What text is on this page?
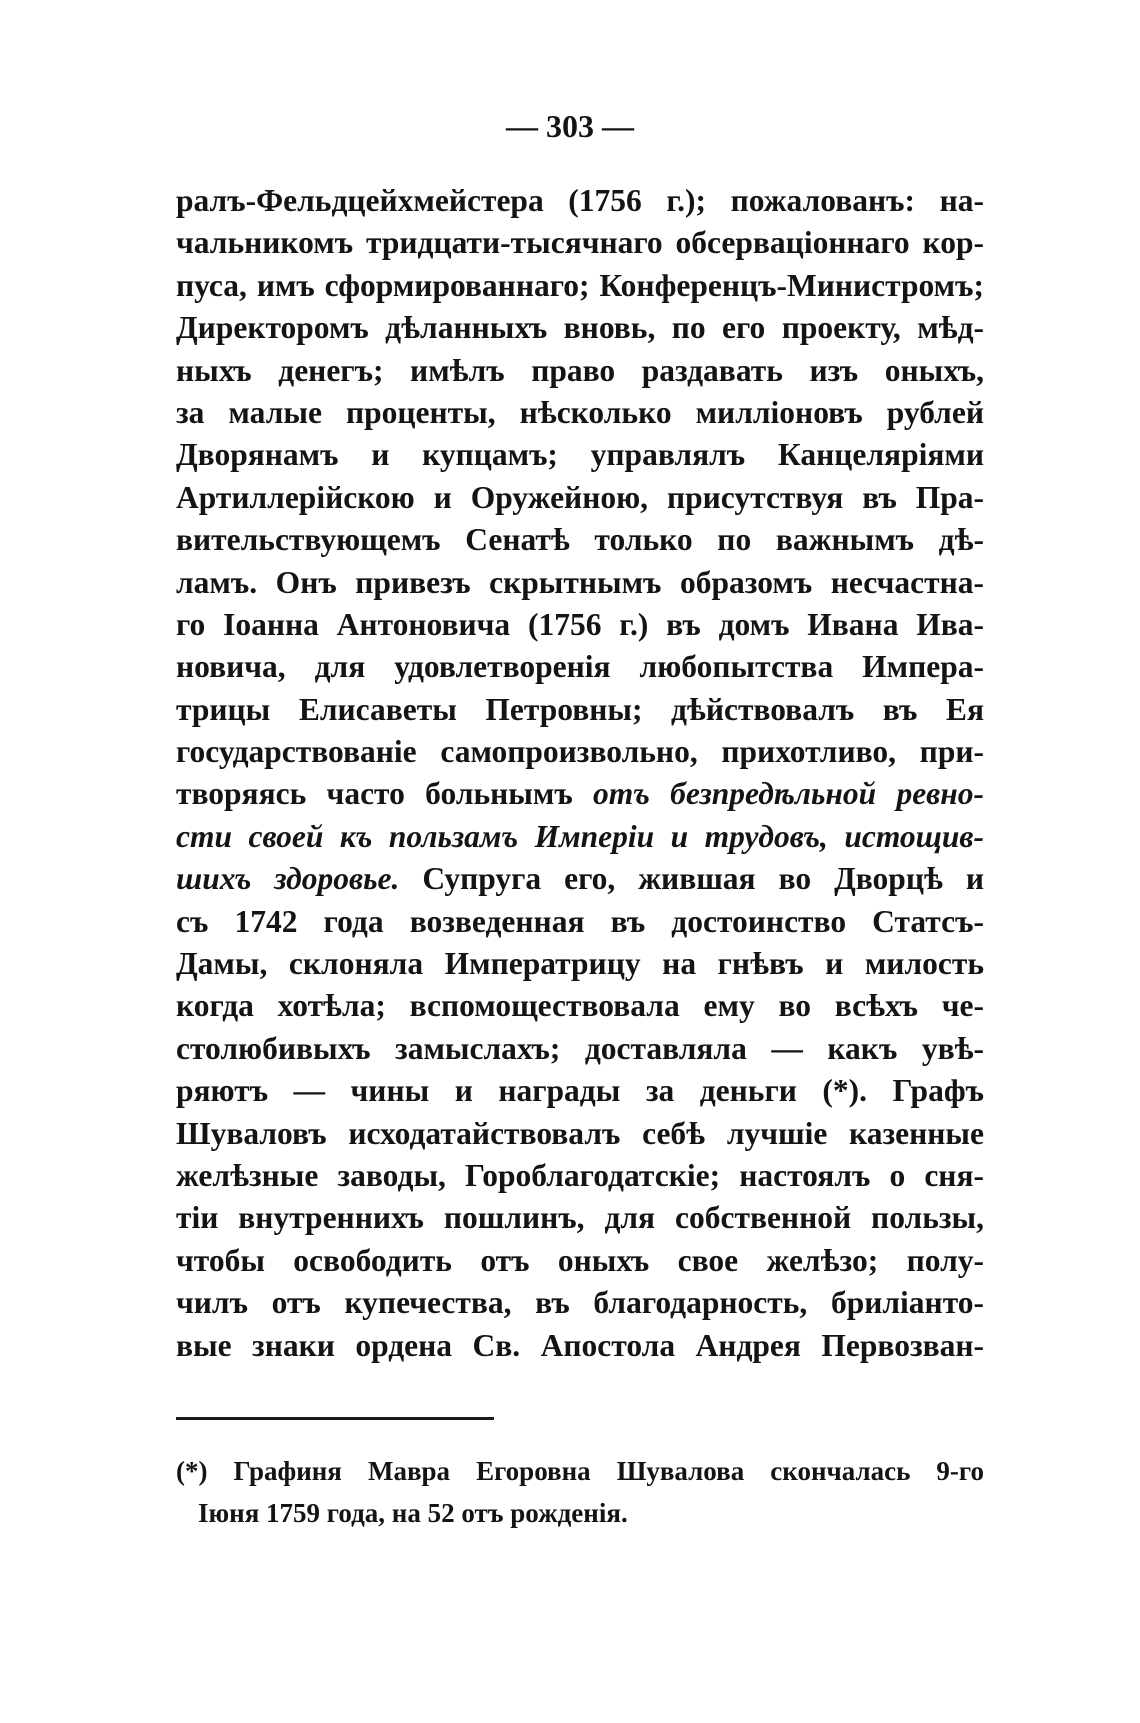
— 303 —
ралъ-Фельдцейхмейстера (1756 г.); пожалованъ: на-
чальникомъ тридцати-тысячнаго обсерваціоннаго кор-
пуса, имъ сформированнаго; Конференцъ-Министромъ;
Директоромъ дѣланныхъ вновь, по его проекту, мѣд-
ныхъ денегъ; имѣлъ право раздавать изъ оныхъ,
за малые проценты, нѣсколько милліоновъ рублей
Дворянамъ и купцамъ; управлялъ Канцеляріями
Артиллерійскою и Оружейною, присутствуя въ Пра-
вительствующемъ Сенатѣ только по важнымъ дѣ-
ламъ. Онъ привезъ скрытнымъ образомъ несчастна-
го Іоанна Антоновича (1756 г.) въ домъ Ивана Ива-
новича, для удовлетворенія любопытства Импера-
трицы Елисаветы Петровны; дѣйствовалъ въ Ея
государствованіе самопроизвольно, прихотливо, при-
творяясь часто больнымъ отъ безпредѣльной ревно-
сти своей къ пользамъ Имперіи и трудовъ, истощив-
шихъ здоровье. Супруга его, жившая во Дворцѣ и
съ 1742 года возведенная въ достоинство Статсъ-
Дамы, склоняла Императрицу на гнѣвъ и милость
когда хотѣла; вспомоществовала ему во всѣхъ че-
столюбивыхъ замыслахъ; доставляла — какъ увѣ-
ряютъ — чины и награды за деньги (*). Графъ
Шуваловъ исходатайствовалъ себѣ лучшіе казенные
желѣзные заводы, Гороблагодатскіе; настоялъ о сня-
тіи внутреннихъ пошлинъ, для собственной пользы,
чтобы освободить отъ оныхъ свое желѣзо; полу-
чилъ отъ купечества, въ благодарность, бриліанто-
вые знаки ордена Св. Апостола Андрея Первозван-
(*) Графиня Мавра Егоровна Шувалова скончалась 9-го
Іюня 1759 года, на 52 отъ рожденія.
